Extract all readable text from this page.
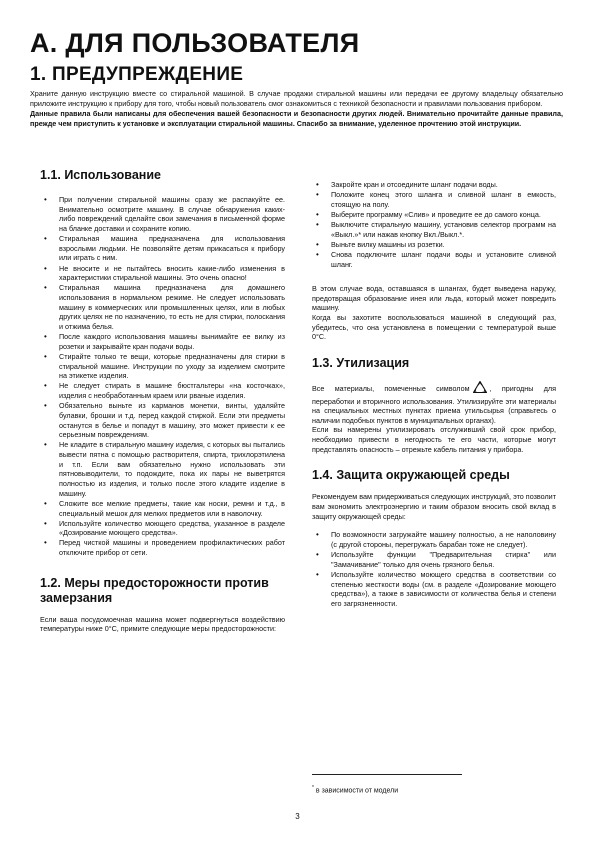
А. ДЛЯ ПОЛЬЗОВАТЕЛЯ
1. ПРЕДУПРЕЖДЕНИЕ

Храните данную инструкцию вместе со стиральной машиной. В случае продажи стиральной машины или передачи ее другому владельцу обязательно приложите инструкцию к прибору для того, чтобы новый пользователь смог ознакомиться с техникой безопасности и правилами пользования прибором.

Данные правила были написаны для обеспечения вашей безопасности и безопасности других людей. Внимательно прочитайте данные правила, прежде чем приступить к установке и эксплуатации стиральной машины. Спасибо за внимание, уделенное прочтению этой инструкции.

1.1. Использование
• При получении стиральной машины сразу же распакуйте ее. Внимательно осмотрите машину. В случае обнаружения каких-либо повреждений сделайте свои замечания в письменной форме на бланке доставки и сохраните копию.
• Стиральная машина предназначена для использования взрослыми людьми. Не позволяйте детям прикасаться к прибору или играть с ним.
• Не вносите и не пытайтесь вносить какие-либо изменения в характеристики стиральной машины. Это очень опасно!
• Стиральная машина предназначена для домашнего использования в нормальном режиме. Не следует использовать машину в коммерческих или промышленных целях, или в любых других целях не по назначению, то есть не для стирки, полоскания и отжима белья.
• После каждого использования машины вынимайте ее вилку из розетки и закрывайте кран подачи воды.
• Стирайте только те вещи, которые предназначены для стирки в стиральной машине. Инструкции по уходу за изделием смотрите на этикетке изделия.
• Не следует стирать в машине бюстгальтеры «на косточках», изделия с необработанным краем или рваные изделия.
• Обязательно выньте из карманов монетки, винты, удаляйте булавки, брошки и т.д. перед каждой стиркой. Если эти предметы останутся в белье и попадут в машину, это может привести к ее серьезным повреждениям.
• Не кладите в стиральную машину изделия, с которых вы пытались вывести пятна с помощью растворителя, спирта, трихлорэтилена и т.п. Если вам обязательно нужно использовать эти пятновыводители, то подождите, пока их пары не выветрятся полностью из изделия, и только после этого кладите изделие в машину.
• Сложите все мелкие предметы, такие как носки, ремни и т.д., в специальный мешок для мелких предметов или в наволочку.
• Используйте количество моющего средства, указанное в разделе «Дозирование моющего средства».
• Перед чисткой машины и проведением профилактических работ отключите прибор от сети.
1.2. Меры предосторожности против замерзания

Если ваша посудомоечная машина может подвергнуться воздействию температуры ниже 0°С, примите следующие меры предосторожности:

• Закройте кран и отсоедините шланг подачи воды.
• Положите конец этого шланга и сливной шланг в емкость, стоящую на полу.
• Выберите программу «Слив» и проведите ее до самого конца.
• Выключите стиральную машину, установив селектор программ на «Выкл.»* или нажав кнопку Вкл./Выкл.*.
• Выньте вилку машины из розетки.
• Снова подключите шланг подачи воды и установите сливной шланг.

В этом случае вода, оставшаяся в шлангах, будет выведена наружу, предотвращая образование инея или льда, который может повредить машину.

Когда вы захотите воспользоваться машиной в следующий раз, убедитесь, что она установлена в помещении с температурой выше 0°С.

1.3. Утилизация

Все материалы, помеченные символом	, пригодны для переработки и вторичного использования. Утилизируйте эти материалы на специальных местных пунктах приема утильсырья (справьтесь о наличии подобных пунктов в муниципальных органах).

Если вы намерены утилизировать отслуживший свой срок прибор, необходимо привести в негодность те его части, которые могут представлять опасность – отрежьте кабель питания у прибора.

1.4. Защита окружающей среды

Рекомендуем вам придерживаться следующих инструкций, это позволит вам экономить электроэнергию и таким образом вносить свой вклад в защиту окружающей среды:

• По возможности загружайте машину полностью, а не наполовину (с другой стороны, перегружать барабан тоже не следует).
• Используйте функции "Предварительная стирка" или "Замачивание" только для очень грязного белья.
• Используйте количество моющего средства в соответствии со степенью жесткости воды (см. в разделе «Дозирование моющего средства»), а также в зависимости от количества белья и степени его загрязненности.
* в зависимости от модели
3
